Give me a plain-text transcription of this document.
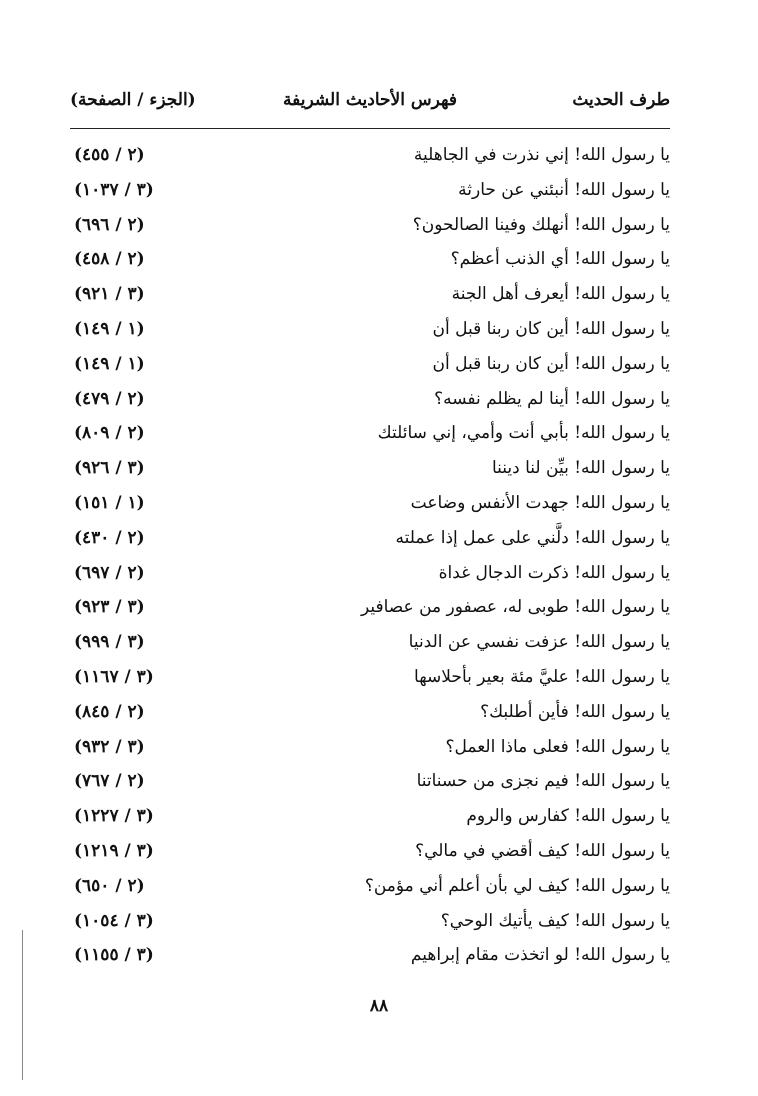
طرف الحديث
فهرس الأحاديث الشريفة
(الجزء / الصفحة)
يا رسول الله! إني نذرت في الجاهلية
(٢ / ٤٥٥)
يا رسول الله! أنبئني عن حارثة
(٣ / ١٠٣٧)
يا رسول الله! أنهلك وفينا الصالحون؟
(٢ / ٦٩٦)
يا رسول الله! أي الذنب أعظم؟
(٢ / ٤٥٨)
يا رسول الله! أيعرف أهل الجنة
(٣ / ٩٢١)
يا رسول الله! أين كان ربنا قبل أن
(١ / ١٤٩)
يا رسول الله! أين كان ربنا قبل أن
(١ / ١٤٩)
يا رسول الله! أينا لم يظلم نفسه؟
(٢ / ٤٧٩)
يا رسول الله! بأبي أنت وأمي، إني سائلتك
(٢ / ٨٠٩)
يا رسول الله! بيِّن لنا ديننا
(٣ / ٩٢٦)
يا رسول الله! جهدت الأنفس وضاعت
(١ / ١٥١)
يا رسول الله! دلَّني على عمل إذا عملته
(٢ / ٤٣٠)
يا رسول الله! ذكرت الدجال غداة
(٢ / ٦٩٧)
يا رسول الله! طوبى له، عصفور من عصافير
(٣ / ٩٢٣)
يا رسول الله! عزفت نفسي عن الدنيا
(٣ / ٩٩٩)
يا رسول الله! عليَّ مئة بعير بأحلاسها
(٣ / ١١٦٧)
يا رسول الله! فأين أطلبك؟
(٢ / ٨٤٥)
يا رسول الله! فعلى ماذا العمل؟
(٣ / ٩٣٢)
يا رسول الله! فيم نجزى من حسناتنا
(٢ / ٧٦٧)
يا رسول الله! كفارس والروم
(٣ / ١٢٢٧)
يا رسول الله! كيف أقضي في مالي؟
(٣ / ١٢١٩)
يا رسول الله! كيف لي بأن أعلم أني مؤمن؟
(٢ / ٦٥٠)
يا رسول الله! كيف يأتيك الوحي؟
(٣ / ١٠٥٤)
يا رسول الله! لو اتخذت مقام إبراهيم
(٣ / ١١٥٥)
٨٨
